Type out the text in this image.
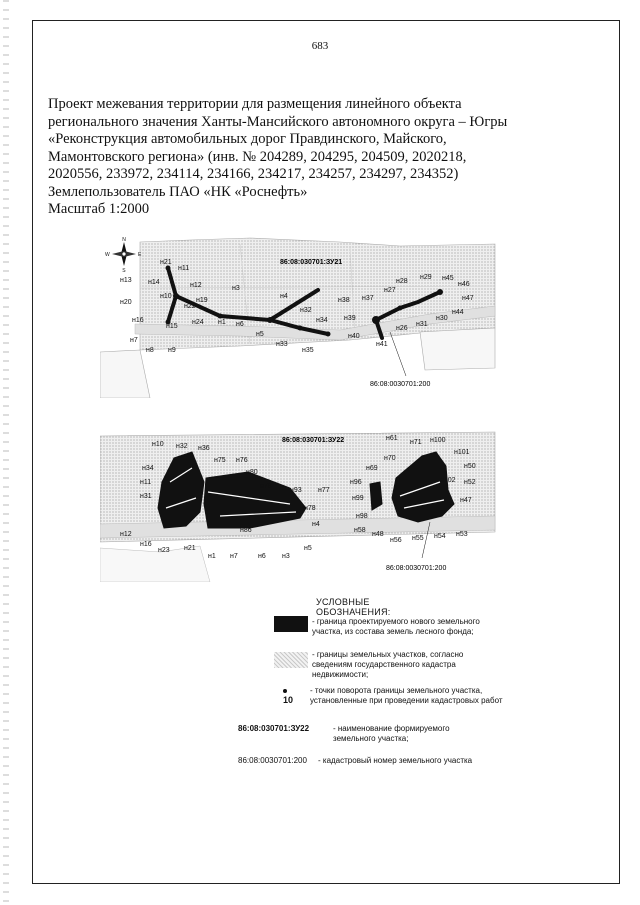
683
Проект межевания территории для размещения линейного объекта
регионального значения Ханты-Мансийского автономного округа – Югры
«Реконструкция автомобильных дорог Правдинского, Майского,
Мамонтовского региона» (инв. № 204289, 204295, 204509, 2020218,
2020556, 233972, 234114, 234166, 234217, 234257, 234297, 234352)
Землепользователь ПАО «НК «Роснефть»
Масштаб 1:2000
N
S
W	E
86:08:030701:ЗУ21
86:08:0030701:200
н21
н11
н13 н14	н12	н3
н20
н22
н4
н38 н37
н28
н29 н45
н46
н27
н47
н44
н32
н19
н10
н16
н15
н24 н1 н6
н34 н39
н31
н30
н26
н5	н40
н7
н8 н9
н33
н35
н41
86:08:030701:ЗУ22
86:08:0030701:200
н10 н32 н36
н61
н71 н100
н34
н75 н76	н70
н101
н80
н69	н50
н11
н79
н93 н77
н96	н102 н52
н31	н99	н47
н78
н98
н4
н12
н58
н48
н56 н55 н54 н53
н16
н23 н21
н1 н7	н6 н3
н5
н86
УСЛОВНЫЕ ОБОЗНАЧЕНИЯ:
- граница проектируемого нового земельного участка, из состава земель лесного фонда;
- границы земельных участков, согласно сведениям государственного кадастра недвижимости;
10
- точки поворота границы земельного участка, установленные при проведении кадастровых работ
86:08:030701:ЗУ22	- наименование формируемого земельного участка;
86:08:0030701:200 - кадастровый номер земельного участка
